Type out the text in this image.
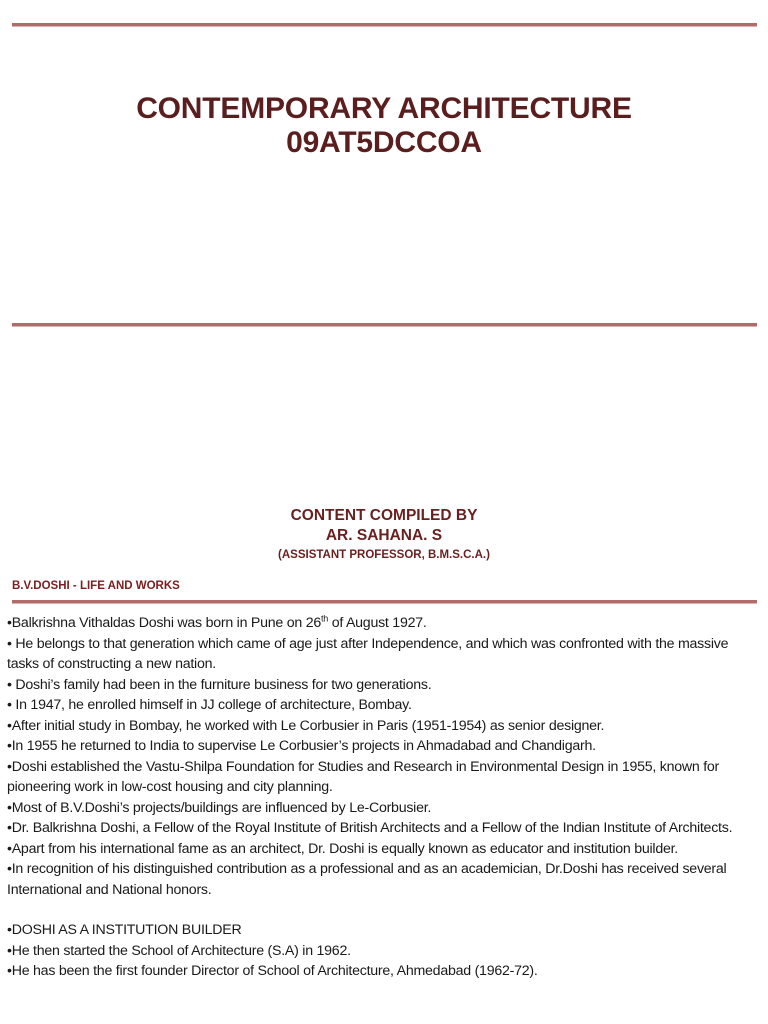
CONTEMPORARY ARCHITECTURE
09AT5DCCOA
CONTENT COMPILED BY
AR. SAHANA. S
(ASSISTANT PROFESSOR, B.M.S.C.A.)
B.V.DOSHI - LIFE AND WORKS

•Balkrishna Vithaldas Doshi was born in Pune on 26th of August 1927.

• He belongs to that generation which came of age just after Independence, and which was confronted with the massive tasks of constructing a new nation.

• Doshi’s family had been in the furniture business for two generations.

• In 1947, he enrolled himself in JJ college of architecture, Bombay.

•After initial study in Bombay, he worked with Le Corbusier in Paris (1951-1954) as senior designer.

•In 1955 he returned to India to supervise Le Corbusier’s projects in Ahmadabad and Chandigarh.

•Doshi established the Vastu-Shilpa Foundation for Studies and Research in Environmental Design in 1955, known for pioneering work in low-cost housing and city planning.

•Most of B.V.Doshi’s projects/buildings are influenced by Le-Corbusier.

•Dr. Balkrishna Doshi, a Fellow of the Royal Institute of British Architects and a Fellow of the Indian Institute of Architects.

•Apart from his international fame as an architect, Dr. Doshi is equally known as educator and institution builder.

•In recognition of his distinguished contribution as a professional and as an academician, Dr.Doshi has received several International and National honors.

•DOSHI AS A INSTITUTION BUILDER

•He then started the School of Architecture (S.A) in 1962.

•He has been the first founder Director of School of Architecture, Ahmedabad (1962-72).
